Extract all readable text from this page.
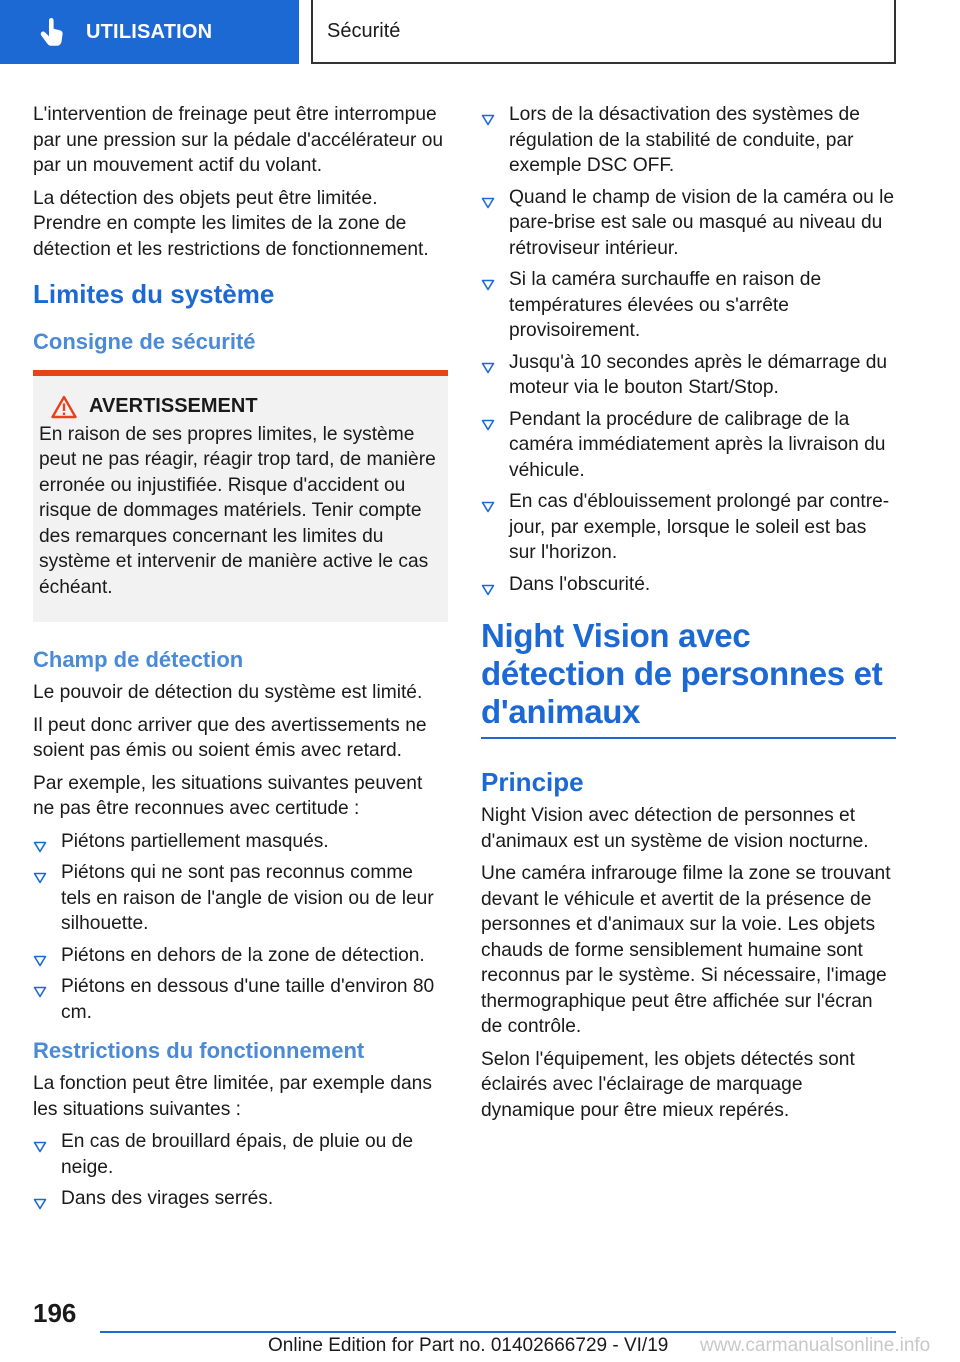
UTILISATION	Sécurité

L'intervention de freinage peut être interrompue par une pression sur la pédale d'accélérateur ou par un mouvement actif du volant.

La détection des objets peut être limitée. Prendre en compte les limites de la zone de détection et les restrictions de fonctionnement.

Limites du système
Consigne de sécurité
AVERTISSEMENT

En raison de ses propres limites, le système peut ne pas réagir, réagir trop tard, de manière erronée ou injustifiée. Risque d'accident ou risque de dommages matériels. Tenir compte des remarques concernant les limites du système et intervenir de manière active le cas échéant.

Champ de détection

Le pouvoir de détection du système est limité.

Il peut donc arriver que des avertissements ne soient pas émis ou soient émis avec retard.

Par exemple, les situations suivantes peuvent ne pas être reconnues avec certitude :

Piétons partiellement masqués.
Piétons qui ne sont pas reconnus comme tels en raison de l'angle de vision ou de leur silhouette.
Piétons en dehors de la zone de détection.
Piétons en dessous d'une taille d'environ 80 cm.
Restrictions du fonctionnement

La fonction peut être limitée, par exemple dans les situations suivantes :

En cas de brouillard épais, de pluie ou de neige.
Dans des virages serrés.
Lors de la désactivation des systèmes de régulation de la stabilité de conduite, par exemple DSC OFF.
Quand le champ de vision de la caméra ou le pare-brise est sale ou masqué au niveau du rétroviseur intérieur.
Si la caméra surchauffe en raison de températures élevées ou s'arrête provisoirement.
Jusqu'à 10 secondes après le démarrage du moteur via le bouton Start/Stop.
Pendant la procédure de calibrage de la caméra immédiatement après la livraison du véhicule.
En cas d'éblouissement prolongé par contre-jour, par exemple, lorsque le soleil est bas sur l'horizon.
Dans l'obscurité.
Night Vision avec détection de personnes et d'animaux
Principe

Night Vision avec détection de personnes et d'animaux est un système de vision nocturne.

Une caméra infrarouge filme la zone se trouvant devant le véhicule et avertit de la présence de personnes et d'animaux sur la voie. Les objets chauds de forme sensiblement humaine sont reconnus par le système. Si nécessaire, l'image thermographique peut être affichée sur l'écran de contrôle.

Selon l'équipement, les objets détectés sont éclairés avec l'éclairage de marquage dynamique pour être mieux repérés.

196
Online Edition for Part no. 01402666729 - VI/19 www.carmanualsonline.info
